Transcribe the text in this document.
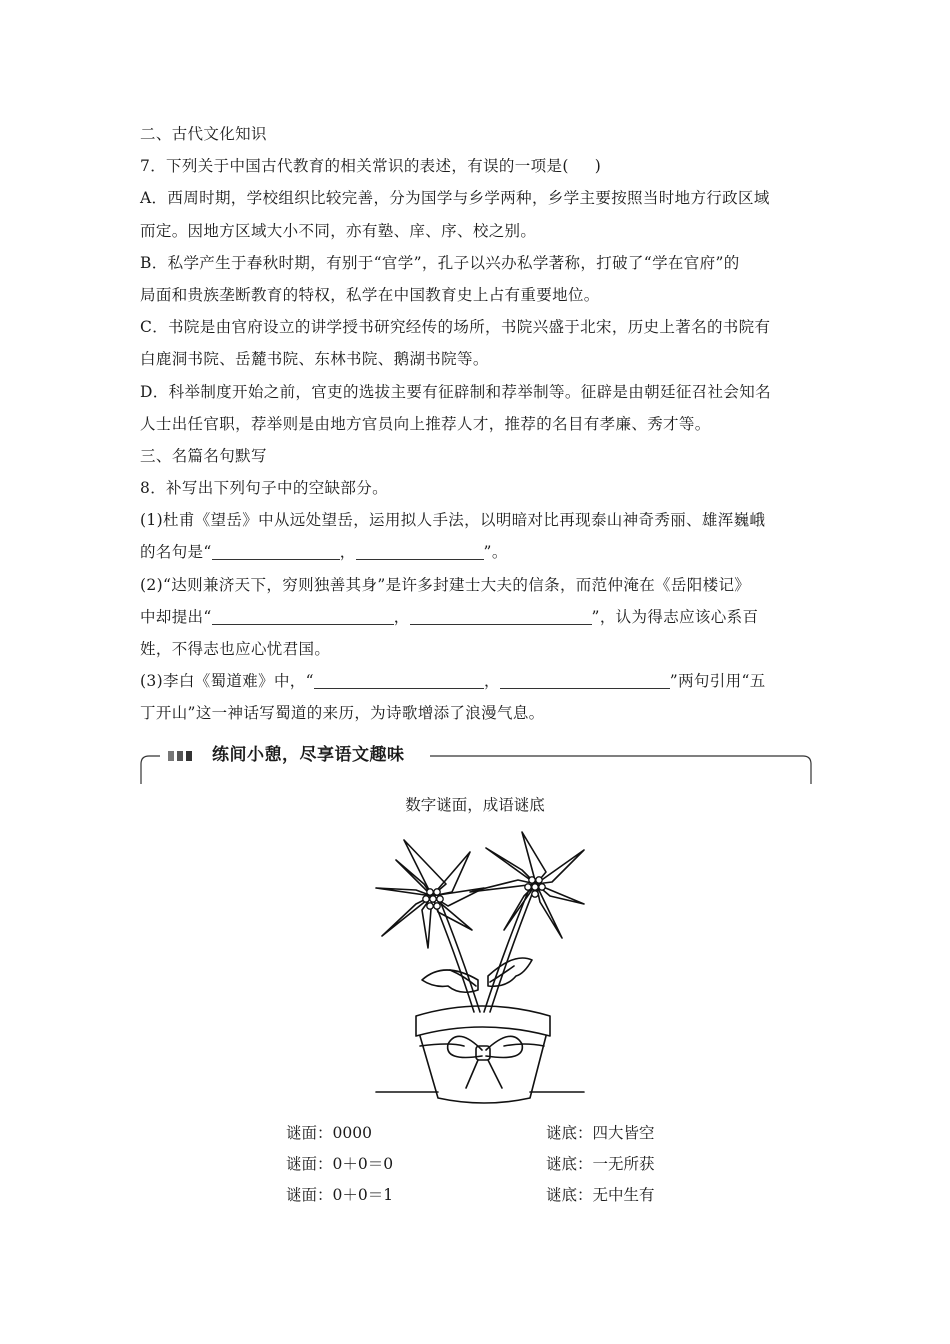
二、古代文化知识
7．下列关于中国古代教育的相关常识的表述，有误的一项是( )
A．西周时期，学校组织比较完善，分为国学与乡学两种，乡学主要按照当时地方行政区域
而定。因地方区域大小不同，亦有塾、庠、序、校之别。
B．私学产生于春秋时期，有别于“官学”，孔子以兴办私学著称，打破了“学在官府”的
局面和贵族垄断教育的特权，私学在中国教育史上占有重要地位。
C．书院是由官府设立的讲学授书研究经传的场所，书院兴盛于北宋，历史上著名的书院有
白鹿洞书院、岳麓书院、东林书院、鹅湖书院等。
D．科举制度开始之前，官吏的选拔主要有征辟制和荐举制等。征辟是由朝廷征召社会知名
人士出任官职，荐举则是由地方官员向上推荐人才，推荐的名目有孝廉、秀才等。
三、名篇名句默写
8．补写出下列句子中的空缺部分。
(1)杜甫《望岳》中从远处望岳，运用拟人手法，以明暗对比再现泰山神奇秀丽、雄浑巍峨
的名句是“	，	”。
(2)“达则兼济天下，穷则独善其身”是许多封建士大夫的信条，而范仲淹在《岳阳楼记》
中却提出“	，	”，认为得志应该心系百
姓，不得志也应心忧君国。
(3)李白《蜀道难》中，“	，	”两句引用“五
丁开山”这一神话写蜀道的来历，为诗歌增添了浪漫气息。
练间小憩，尽享语文趣味
数字谜面，成语谜底
谜面：0000	谜底：四大皆空
谜面：0＋0＝0	谜底：一无所获
谜面：0＋0＝1	谜底：无中生有
